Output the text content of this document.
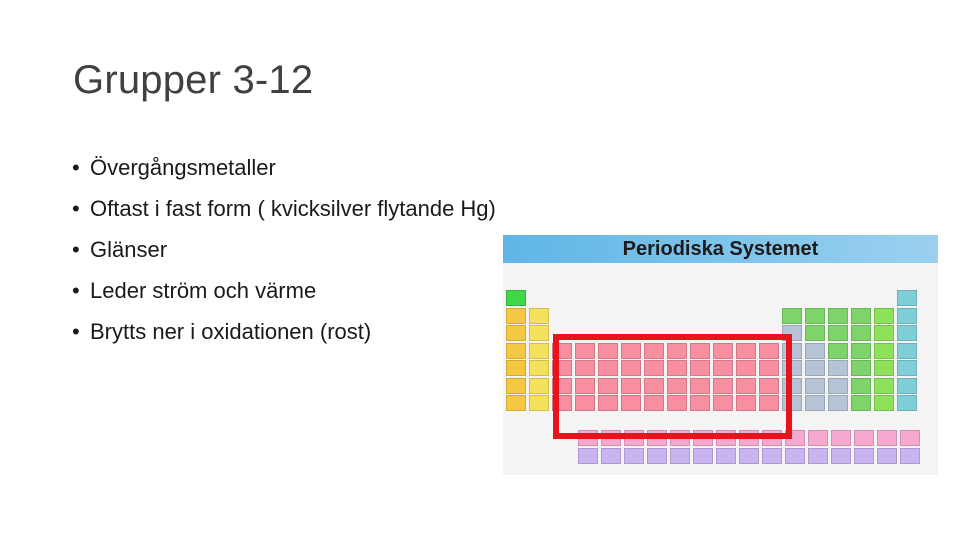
Grupper 3-12
• Övergångsmetaller
• Oftast i fast form ( kvicksilver flytande Hg)
• Glänser
• Leder ström och värme
• Brytts ner i oxidationen (rost)
Periodiska Systemet
